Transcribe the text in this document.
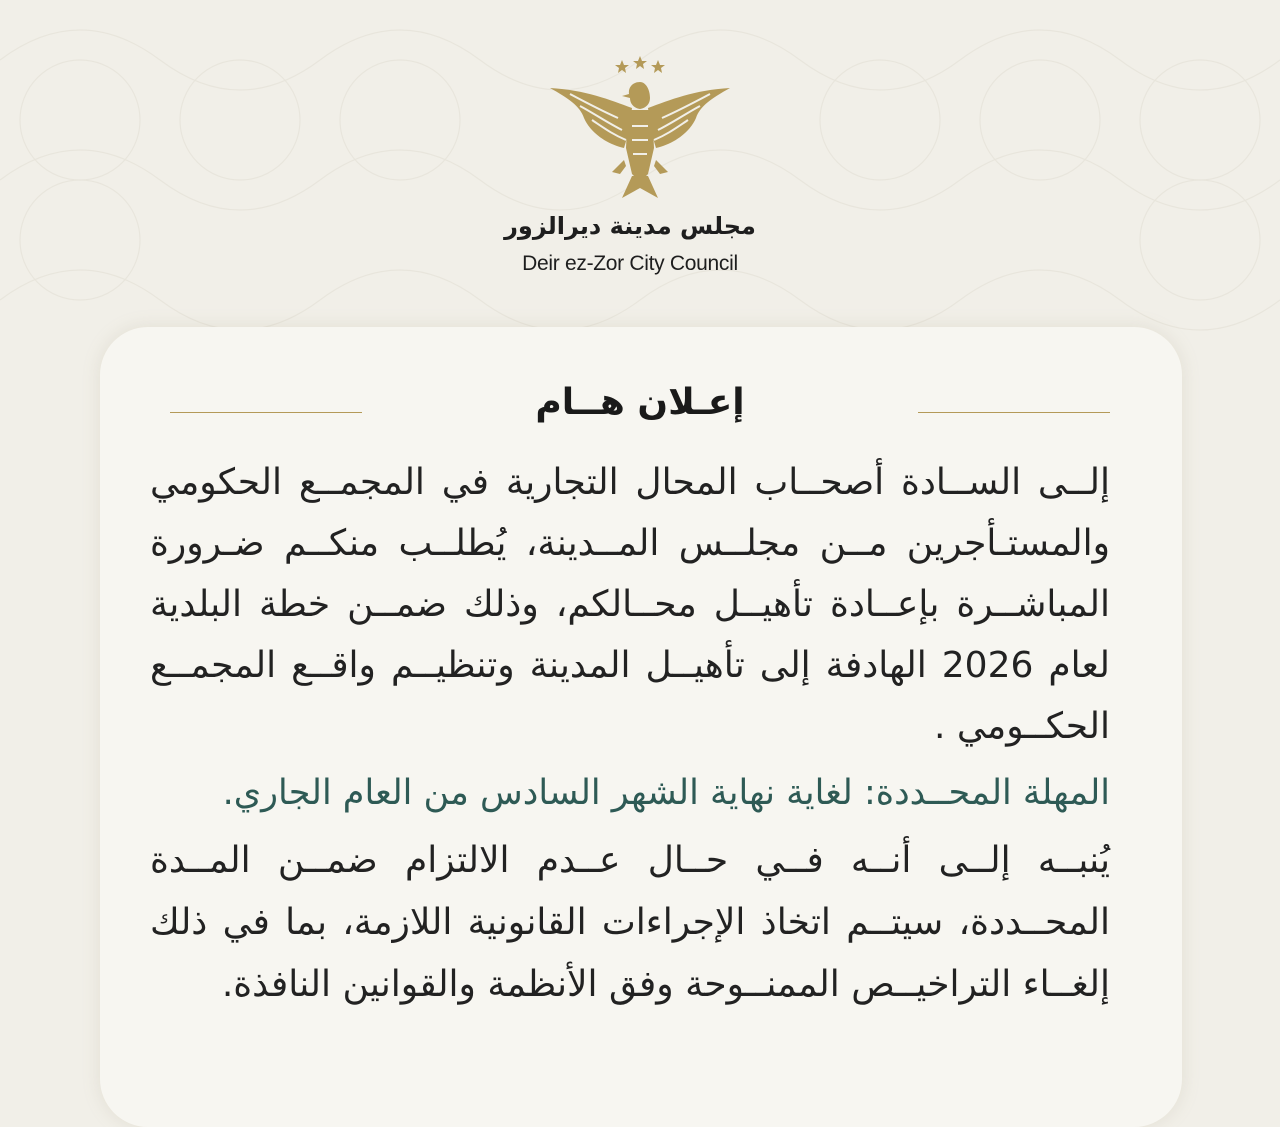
مجلس مدينة ديرالزور
Deir ez-Zor City Council
إعـلان هــام
إلــى الســادة أصحــاب المحال التجارية في المجمــع الحكومي والمستـأجرين مــن مجلــس المــدينة، يُطلــب منكــم ضـرورة المباشــرة بإعــادة تأهيــل محــالكم، وذلك ضمــن خطة البلدية لعام 2026 الهادفة إلى تأهيــل المدينة وتنظيــم واقــع المجمــع الحكــومي .
المهلة المحــددة: لغاية نهاية الشهر السادس من العام الجاري.
يُنبــه إلــى أنــه فــي حــال عــدم الالتزام ضمــن المــدة المحــددة، سيتــم اتخاذ الإجراءات القانونية اللازمة، بما في ذلك إلغــاء التراخيــص الممنــوحة وفق الأنظمة والقوانين النافذة.
